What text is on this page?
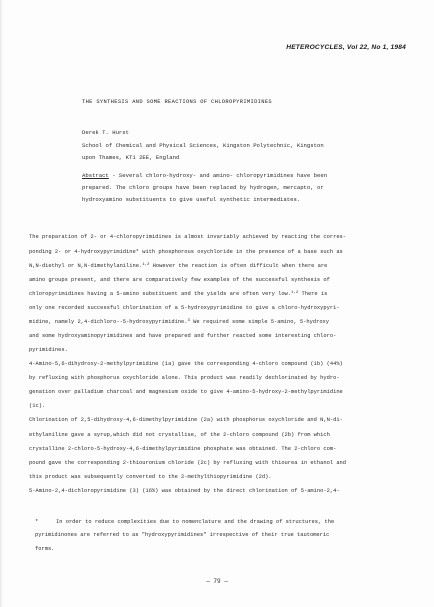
HETEROCYCLES, Vol 22, No 1, 1984
THE SYNTHESIS AND SOME REACTIONS OF CHLOROPYRIMIDINES
Derek T. Hurst
School of Chemical and Physical Sciences, Kingston Polytechnic, Kingston
upon Thames, KT1 2EE, England
Abstract - Several chloro-hydroxy- and amino- chloropyrimidines have been
prepared. The chloro groups have been replaced by hydrogen, mercapto, or
hydroxyamino substituents to give useful synthetic intermediates.
The preparation of 2- or 4-chloropyrimidines is almost invariably achieved by reacting the corres-
ponding 2- or 4-hydroxypyrimidine* with phosphorous oxychloride in the presence of a base such as
N,N-diethyl or N,N-dimethylaniline.$^{1,2}$ However the reaction is often difficult when there are
amino groups present, and there are comparatively few examples of the successful synthesis of
chloropyrimidines having a 5-amino substituent and the yields are often very low.$^{1,2}$ There is
only one recorded successful chlorination of a 5-hydroxypyrimidine to give a chloro-hydroxypyri-
midine, namely 2,4-dichloro--5-hydroxypyrimidine.$^3$ We required some simple 5-amino, 5-hydroxy
and some hydroxyaminopyrimidines and have prepared and further reacted some interesting chloro-
pyrimidines.
4-Amino-5,6-dihydroxy-2-methylpyrimidine (1a) gave the corresponding 4-chloro compound (1b) (44%)
by refluxing with phosphorus oxychloride alone. This product was readily dechlorinated by hydro-
genation over palladium charcoal and magnesium oxide to give 4-amino-5-hydroxy-2-methylpyrimidine
(1c).
Chlorination of 2,5-dihydroxy-4,6-dimethylpyrimidine (2a) with phosphorus oxychloride and N,N-di-
ethylaniline gave a syrup,which did not crystallise, of the 2-chloro compound (2b) from which
crystalline 2-chloro-5-hydroxy-4,6-dimethylpyrimidine phosphate was obtained. The 2-chloro com-
pound gave the corresponding 2-thiouronium chloride (2c) by refluxing with thiourea in ethanol and
this product was subsequently converted to the 2-methylthiopyrimidine (2d).
5-Amino-2,4-dichloropyrimidine (3) (16%) was obtained by the direct chlorination of 5-amino-2,4-
*	In order to reduce complexities due to nomenclature and the drawing of structures, the
pyrimidinones are referred to as "hydroxypyrimidines" irrespective of their true tautomeric
forms.
— 79 —
